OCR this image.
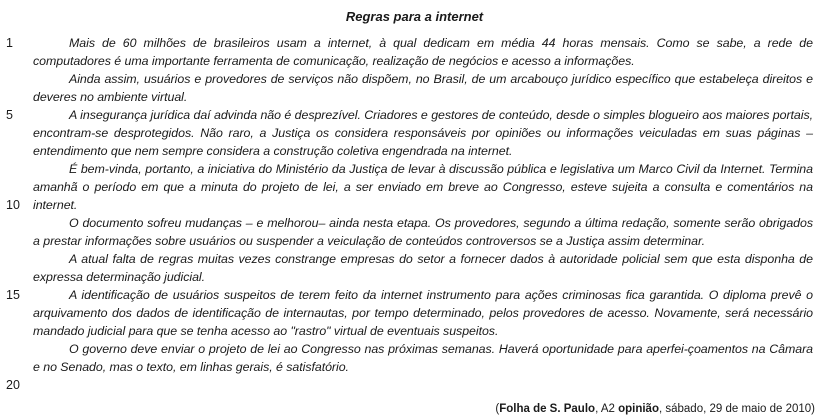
Regras para a internet
1
5
10
15
20

Mais de 60 milhões de brasileiros usam a internet, à qual dedicam em média 44 horas mensais. Como se sabe, a rede de computadores é uma importante ferramenta de comunicação, realização de negócios e acesso a informações.

Ainda assim, usuários e provedores de serviços não dispõem, no Brasil, de um arcabouço jurídico específico que estabeleça direitos e deveres no ambiente virtual.

A insegurança jurídica daí advinda não é desprezível. Criadores e gestores de conteúdo, desde o simples blogueiro aos maiores portais, encontram-se desprotegidos. Não raro, a Justiça os considera responsáveis por opiniões ou informações veiculadas em suas páginas – entendimento que nem sempre considera a construção coletiva engendrada na internet.

É bem-vinda, portanto, a iniciativa do Ministério da Justiça de levar à discussão pública e legislativa um Marco Civil da Internet. Termina amanhã o período em que a minuta do projeto de lei, a ser enviado em breve ao Congresso, esteve sujeita a consulta e comentários na internet.

O documento sofreu mudanças – e melhorou– ainda nesta etapa. Os provedores, segundo a última redação, somente serão obrigados a prestar informações sobre usuários ou suspender a veiculação de conteúdos controversos se a Justiça assim determinar.

A atual falta de regras muitas vezes constrange empresas do setor a fornecer dados à autoridade policial sem que esta disponha de expressa determinação judicial.

A identificação de usuários suspeitos de terem feito da internet instrumento para ações criminosas fica garantida. O diploma prevê o arquivamento dos dados de identificação de internautas, por tempo determinado, pelos provedores de acesso. Novamente, será necessário mandado judicial para que se tenha acesso ao "rastro" virtual de eventuais suspeitos.

O governo deve enviar o projeto de lei ao Congresso nas próximas semanas. Haverá oportunidade para aperfei-çoamentos na Câmara e no Senado, mas o texto, em linhas gerais, é satisfatório.

(Folha de S. Paulo, A2 opinião, sábado, 29 de maio de 2010)
